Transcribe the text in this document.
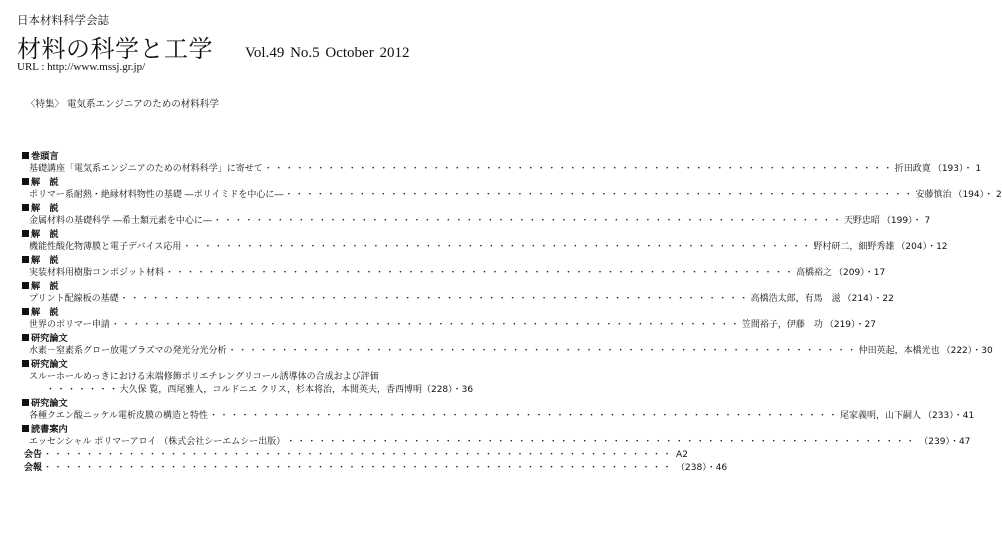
日本材料科学会誌
材料の科学と工学 Vol.49 No.5 October 2012
URL : http://www.mssj.gr.jp/
〈特集〉 電気系エンジニアのための材料科学
巻頭言
基礎講座「電気系エンジニアのための材料科学」に寄せて ・・・・・・・・・・・・・・・・・・・・・・・・・・・・・・・・・・・・・・・・・・・・・・・・・・・・・・・・・・・・	折田政寛 （193）・ 1
解　説
ポリマー系耐熱・絶縁材料物性の基礎 ―ポリイミドを中心に― ・・・・・・・・・・・・・・・・・・・・・・・・・・・・・・・・・・・・・・・・・・・・・・・・・・・・・・・・・・・・	安藤慎治 （194）・ 2
解　説
金属材料の基礎科学 ―希土類元素を中心に― ・・・・・・・・・・・・・・・・・・・・・・・・・・・・・・・・・・・・・・・・・・・・・・・・・・・・・・・・・・・・	天野忠昭 （199）・ 7
解　説
機能性酸化物薄膜と電子デバイス応用 ・・・・・・・・・・・・・・・・・・・・・・・・・・・・・・・・・・・・・・・・・・・・・・・・・・・・・・・・・・・・	野村研二，細野秀雄 （204）・12
解　説
実装材料用樹脂コンポジット材料 ・・・・・・・・・・・・・・・・・・・・・・・・・・・・・・・・・・・・・・・・・・・・・・・・・・・・・・・・・・・・	高橋裕之 （209）・17
解　説
プリント配線板の基礎 ・・・・・・・・・・・・・・・・・・・・・・・・・・・・・・・・・・・・・・・・・・・・・・・・・・・・・・・・・・・・	高橋浩太郎，有馬　滋 （214）・22
解　説
世界のポリマー申請 ・・・・・・・・・・・・・・・・・・・・・・・・・・・・・・・・・・・・・・・・・・・・・・・・・・・・・・・・・・・・	笠間裕子，伊藤　功 （219）・27
研究論文
水素－窒素系グロー放電プラズマの発光分光分析 ・・・・・・・・・・・・・・・・・・・・・・・・・・・・・・・・・・・・・・・・・・・・・・・・・・・・・・・・・・・・	仲田英起，本橋光也 （222）・30
研究論文
スルーホールめっきにおける末端修飾ポリエチレングリコール誘導体の合成および評価
・・・・・・・ 大久保 覧，西尾雅人，コルドニエ クリス，杉本将治，本間英夫，香西博明 （228）・36
研究論文
各種クエン酸ニッケル電析皮膜の構造と特性 ・・・・・・・・・・・・・・・・・・・・・・・・・・・・・・・・・・・・・・・・・・・・・・・・・・・・・・・・・・・・	尾家義明，山下嗣人 （233）・41
読書案内
エッセンシャル ポリマーアロイ （株式会社シーエムシー出版） ・・・・・・・・・・・・・・・・・・・・・・・・・・・・・・・・・・・・・・・・・・・・・・・・・・・・・・・・・・・・	（239）・47
会告 ・・・・・・・・・・・・・・・・・・・・・・・・・・・・・・・・・・・・・・・・・・・・・・・・・・・・・・・・・・・・	A2
会報 ・・・・・・・・・・・・・・・・・・・・・・・・・・・・・・・・・・・・・・・・・・・・・・・・・・・・・・・・・・・・	（238）・46
